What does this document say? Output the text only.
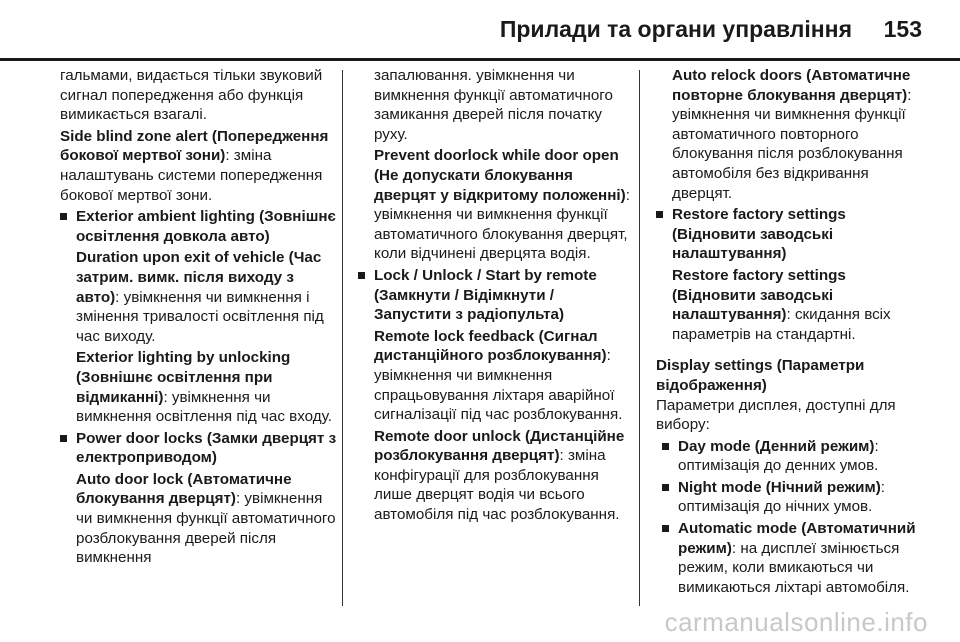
Прилади та органи управління 153
гальмами, видається тільки звуковий сигнал попередження або функція вимикається взагалі.
Side blind zone alert (Попередження бокової мертвої зони): зміна налаштувань системи попередження бокової мертвої зони.
Exterior ambient lighting (Зовнішнє освітлення довкола авто)
Duration upon exit of vehicle (Час затрим. вимк. після виходу з авто): увімкнення чи вимкнення і змінення тривалості освітлення під час виходу.
Exterior lighting by unlocking (Зовнішнє освітлення при відмиканні): увімкнення чи вимкнення освітлення під час входу.
Power door locks (Замки дверцят з електроприводом)
Auto door lock (Автоматичне блокування дверцят): увімкнення чи вимкнення функції автоматичного розблокування дверей після вимкнення
запалювання. увімкнення чи вимкнення функції автоматичного замикання дверей після початку руху.
Prevent doorlock while door open (Не допускати блокування дверцят у відкритому положенні): увімкнення чи вимкнення функції автоматичного блокування дверцят, коли відчинені дверцята водія.
Lock / Unlock / Start by remote (Замкнути / Відімкнути / Запустити з радіопульта)
Remote lock feedback (Сигнал дистанційного розблокування): увімкнення чи вимкнення спрацьовування ліхтаря аварійної сигналізації під час розблокування.
Remote door unlock (Дистанційне розблокування дверцят): зміна конфігурації для розблокування лише дверцят водія чи всього автомобіля під час розблокування.
Auto relock doors (Автоматичне повторне блокування дверцят): увімкнення чи вимкнення функції автоматичного повторного блокування після розблокування автомобіля без відкривання дверцят.
Restore factory settings (Відновити заводські налаштування)
Restore factory settings (Відновити заводські налаштування): скидання всіх параметрів на стандартні.
Display settings (Параметри відображення)
Параметри дисплея, доступні для вибору:
Day mode (Денний режим): оптимізація до денних умов.
Night mode (Нічний режим): оптимізація до нічних умов.
Automatic mode (Автоматичний режим): на дисплеї змінюється режим, коли вмикаються чи вимикаються ліхтарі автомобіля.
carmanualsonline.info
